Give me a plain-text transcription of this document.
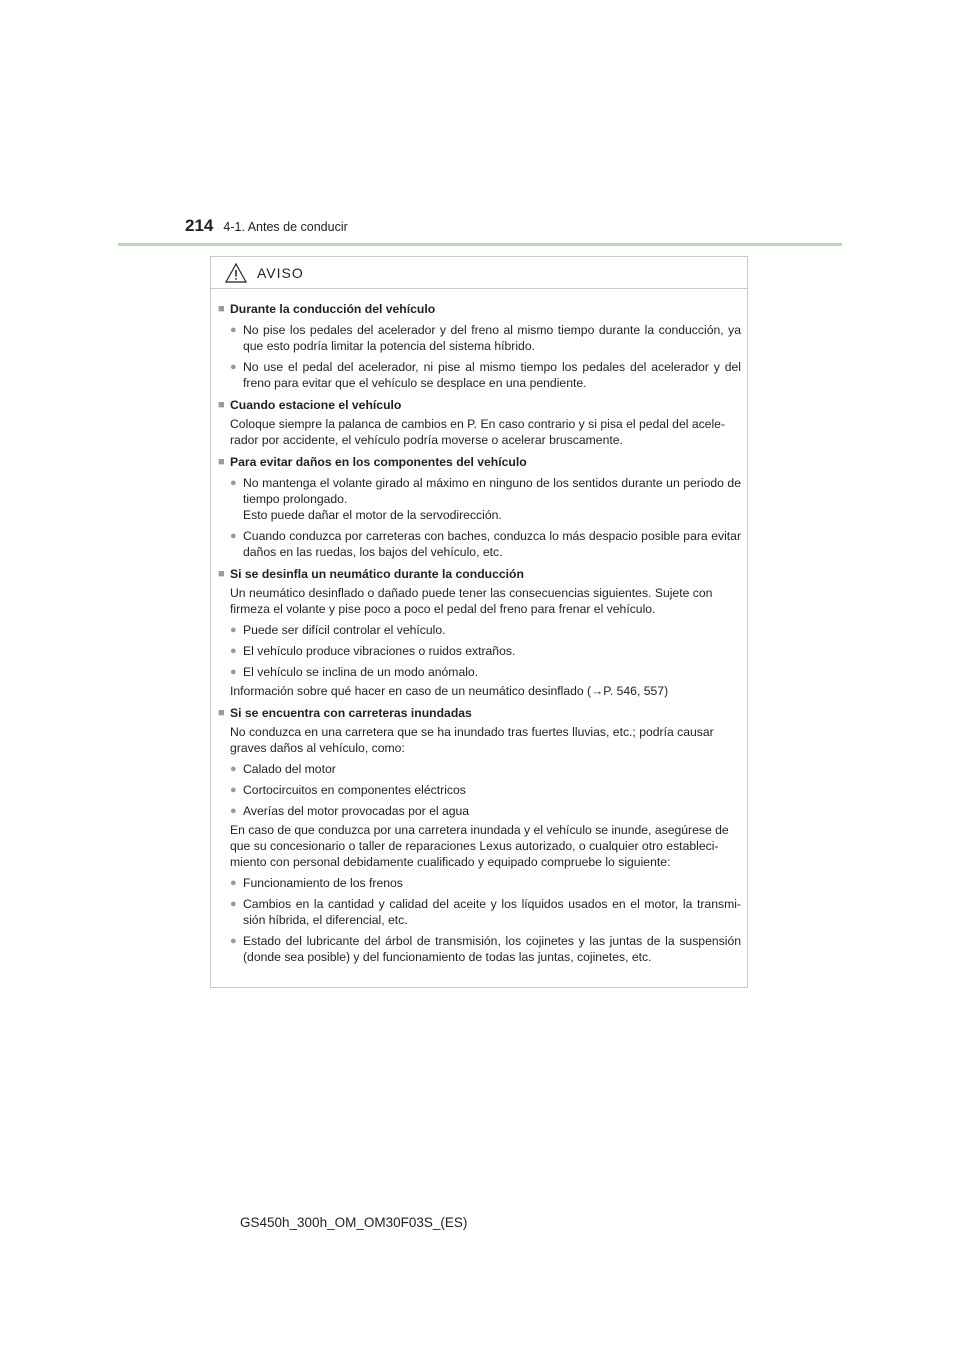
214 4-1. Antes de conducir
AVISO
■ Durante la conducción del vehículo
● No pise los pedales del acelerador y del freno al mismo tiempo durante la conducción, ya que esto podría limitar la potencia del sistema híbrido.
● No use el pedal del acelerador, ni pise al mismo tiempo los pedales del acelerador y del freno para evitar que el vehículo se desplace en una pendiente.
■ Cuando estacione el vehículo
Coloque siempre la palanca de cambios en P. En caso contrario y si pisa el pedal del acele-rador por accidente, el vehículo podría moverse o acelerar bruscamente.
■ Para evitar daños en los componentes del vehículo
● No mantenga el volante girado al máximo en ninguno de los sentidos durante un periodo de tiempo prolongado.
Esto puede dañar el motor de la servodirección.
● Cuando conduzca por carreteras con baches, conduzca lo más despacio posible para evitar daños en las ruedas, los bajos del vehículo, etc.
■ Si se desinfla un neumático durante la conducción
Un neumático desinflado o dañado puede tener las consecuencias siguientes. Sujete con firmeza el volante y pise poco a poco el pedal del freno para frenar el vehículo.
● Puede ser difícil controlar el vehículo.
● El vehículo produce vibraciones o ruidos extraños.
● El vehículo se inclina de un modo anómalo.
Información sobre qué hacer en caso de un neumático desinflado (→P. 546, 557)
■ Si se encuentra con carreteras inundadas
No conduzca en una carretera que se ha inundado tras fuertes lluvias, etc.; podría causar graves daños al vehículo, como:
● Calado del motor
● Cortocircuitos en componentes eléctricos
● Averías del motor provocadas por el agua
En caso de que conduzca por una carretera inundada y el vehículo se inunde, asegúrese de que su concesionario o taller de reparaciones Lexus autorizado, o cualquier otro estableci-miento con personal debidamente cualificado y equipado compruebe lo siguiente:
● Funcionamiento de los frenos
● Cambios en la cantidad y calidad del aceite y los líquidos usados en el motor, la transmi-sión híbrida, el diferencial, etc.
● Estado del lubricante del árbol de transmisión, los cojinetes y las juntas de la suspensión (donde sea posible) y del funcionamiento de todas las juntas, cojinetes, etc.
GS450h_300h_OM_OM30F03S_(ES)
